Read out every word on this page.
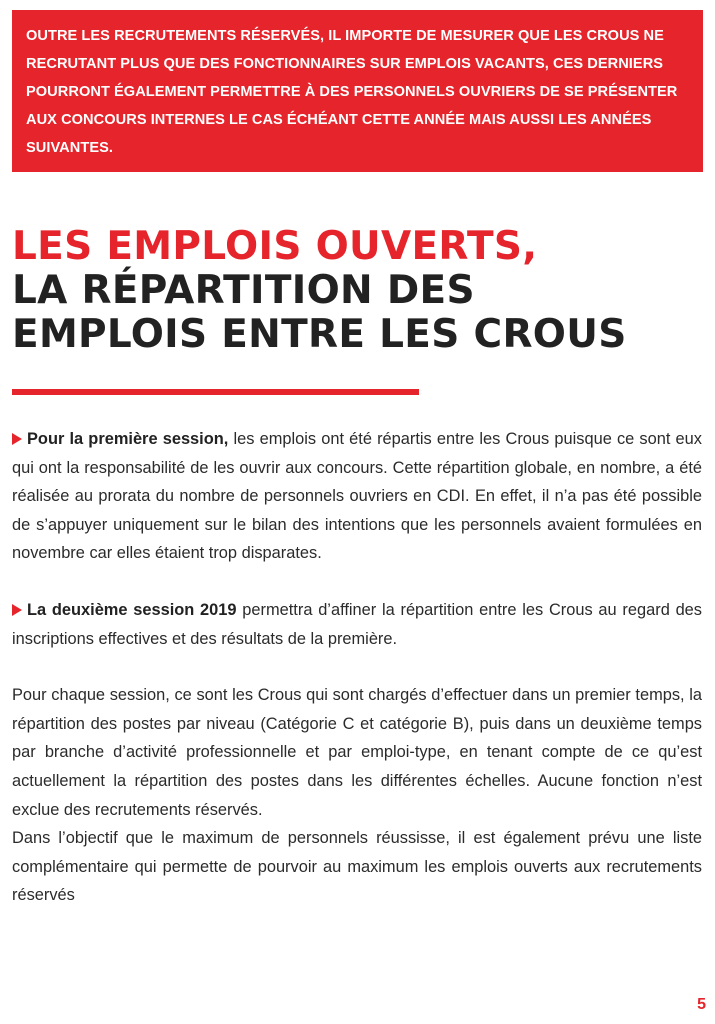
OUTRE LES RECRUTEMENTS RÉSERVÉS, IL IMPORTE DE MESURER QUE LES CROUS NE RECRUTANT PLUS QUE DES FONCTIONNAIRES SUR EMPLOIS VACANTS, CES DERNIERS POURRONT ÉGALEMENT PERMETTRE À DES PERSONNELS OUVRIERS DE SE PRÉSENTER AUX CONCOURS INTERNES LE CAS ÉCHÉANT CETTE ANNÉE MAIS AUSSI LES ANNÉES SUIVANTES.

LES EMPLOIS OUVERTS,
LA RÉPARTITION DES
EMPLOIS ENTRE LES CROUS

Pour la première session, les emplois ont été répartis entre les Crous puisque ce sont eux qui ont la responsabilité de les ouvrir aux concours. Cette répartition globale, en nombre, a été réalisée au prorata du nombre de personnels ouvriers en CDI. En effet, il n’a pas été possible de s’appuyer uniquement sur le bilan des intentions que les personnels avaient formulées en novembre car elles étaient trop disparates.

La deuxième session 2019 permettra d’affiner la répartition entre les Crous au regard des inscriptions effectives et des résultats de la première.

Pour chaque session, ce sont les Crous qui sont chargés d’effectuer dans un premier temps, la répartition des postes par niveau (Catégorie C et catégorie B), puis dans un deuxième temps par branche d’activité professionnelle et par emploi-type, en tenant compte de ce qu’est actuellement la répartition des postes dans les différentes échelles. Aucune fonction n’est exclue des recrutements réservés.

Dans l’objectif que le maximum de personnels réussisse, il est également prévu une liste complémentaire qui permette de pourvoir au maximum les emplois ouverts aux recrutements réservés

5
